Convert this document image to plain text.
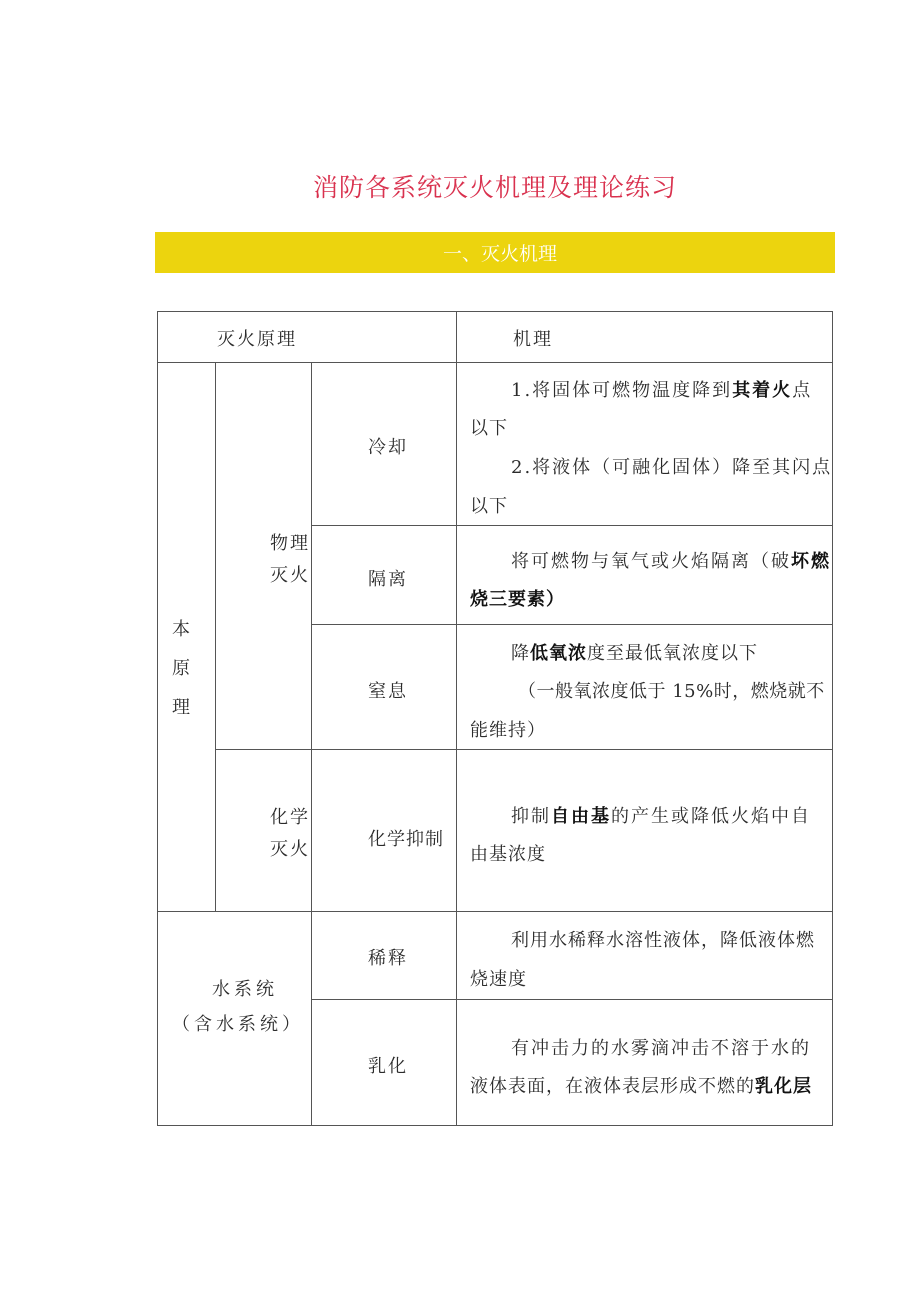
消防各系统灭火机理及理论练习
一、灭火机理
灭火原理	机理
本原理
物理灭火
化学灭火
水系统（含水系统）
冷却
隔离
窒息
化学抑制
稀释
乳化
1.将固体可燃物温度降到其着火点
以下
2.将液体（可融化固体）降至其闪点
以下
将可燃物与氧气或火焰隔离（破坏燃
烧三要素）
降低氧浓度至最低氧浓度以下
（一般氧浓度低于 15%时，燃烧就不
能维持）
抑制自由基的产生或降低火焰中自
由基浓度
利用水稀释水溶性液体，降低液体燃
烧速度
有冲击力的水雾滴冲击不溶于水的
液体表面，在液体表层形成不燃的乳化层
